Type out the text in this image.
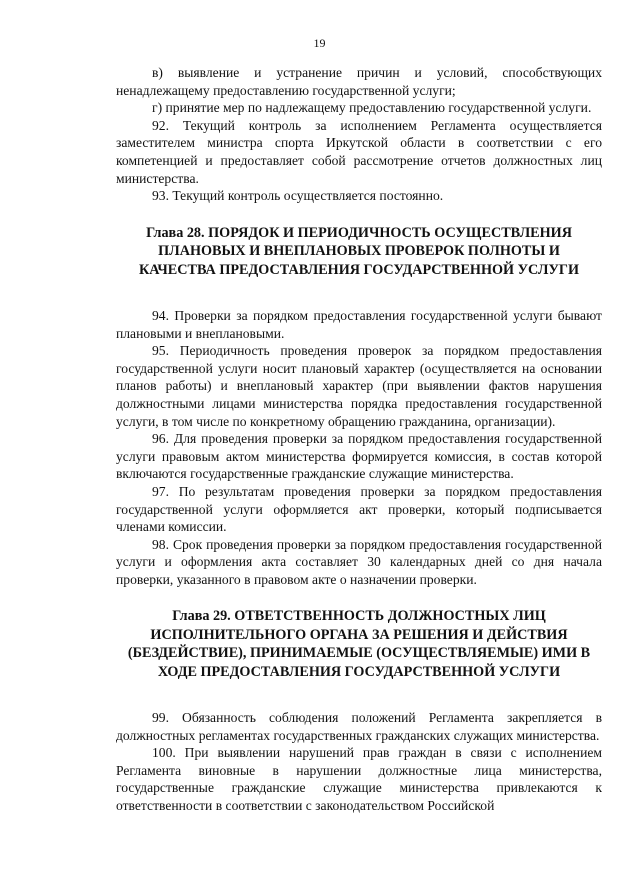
19

в) выявление и устранение причин и условий, способствующих ненадлежащему предоставлению государственной услуги;

г) принятие мер по надлежащему предоставлению государственной услуги.

92. Текущий контроль за исполнением Регламента осуществляется заместителем министра спорта Иркутской области в соответствии с его компетенцией и предоставляет собой рассмотрение отчетов должностных лиц министерства.

93. Текущий контроль осуществляется постоянно.

Глава 28. ПОРЯДОК И ПЕРИОДИЧНОСТЬ ОСУЩЕСТВЛЕНИЯ ПЛАНОВЫХ И ВНЕПЛАНОВЫХ ПРОВЕРОК ПОЛНОТЫ И КАЧЕСТВА ПРЕДОСТАВЛЕНИЯ ГОСУДАРСТВЕННОЙ УСЛУГИ

94. Проверки за порядком предоставления государственной услуги бывают плановыми и внеплановыми.

95. Периодичность проведения проверок за порядком предоставления государственной услуги носит плановый характер (осуществляется на основании планов работы) и внеплановый характер (при выявлении фактов нарушения должностными лицами министерства порядка предоставления государственной услуги, в том числе по конкретному обращению гражданина, организации).

96. Для проведения проверки за порядком предоставления государственной услуги правовым актом министерства формируется комиссия, в состав которой включаются государственные гражданские служащие министерства.

97. По результатам проведения проверки за порядком предоставления государственной услуги оформляется акт проверки, который подписывается членами комиссии.

98. Срок проведения проверки за порядком предоставления государственной услуги и оформления акта составляет 30 календарных дней со дня начала проверки, указанного в правовом акте о назначении проверки.

Глава 29. ОТВЕТСТВЕННОСТЬ ДОЛЖНОСТНЫХ ЛИЦ ИСПОЛНИТЕЛЬНОГО ОРГАНА ЗА РЕШЕНИЯ И ДЕЙСТВИЯ (БЕЗДЕЙСТВИЕ), ПРИНИМАЕМЫЕ (ОСУЩЕСТВЛЯЕМЫЕ) ИМИ В ХОДЕ ПРЕДОСТАВЛЕНИЯ ГОСУДАРСТВЕННОЙ УСЛУГИ

99. Обязанность соблюдения положений Регламента закрепляется в должностных регламентах государственных гражданских служащих министерства.

100. При выявлении нарушений прав граждан в связи с исполнением Регламента виновные в нарушении должностные лица министерства, государственные гражданские служащие министерства привлекаются к ответственности в соответствии с законодательством Российской
